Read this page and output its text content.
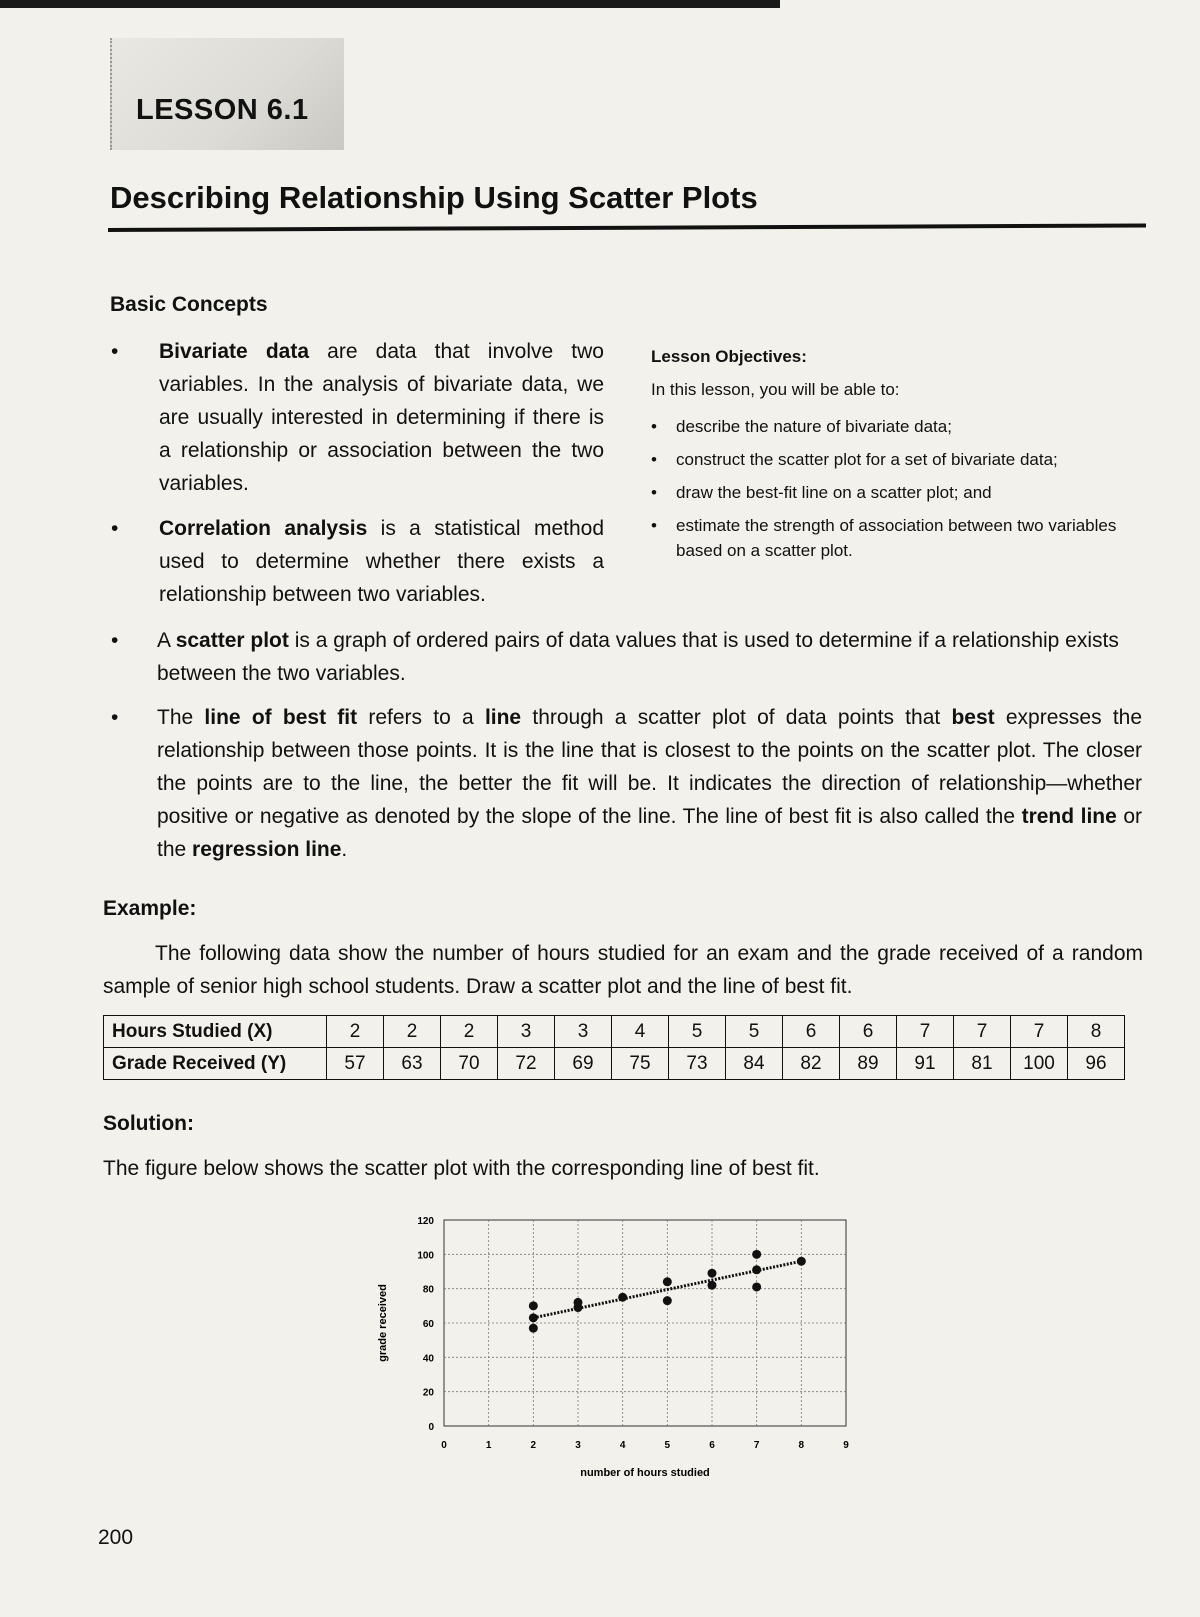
LESSON 6.1
Describing Relationship Using Scatter Plots
Basic Concepts
• Bivariate data are data that involve two variables. In the analysis of bivariate data, we are usually interested in determining if there is a relationship or association between the two variables.
• Correlation analysis is a statistical method used to determine whether there exists a relationship between two variables.
Lesson Objectives:

In this lesson, you will be able to:

• describe the nature of bivariate data;
• construct the scatter plot for a set of bivariate data;
• draw the best-fit line on a scatter plot; and
• estimate the strength of association between two variables based on a scatter plot.
• A scatter plot is a graph of ordered pairs of data values that is used to determine if a relationship exists between the two variables.
• The line of best fit refers to a line through a scatter plot of data points that best expresses the relationship between those points. It is the line that is closest to the points on the scatter plot. The closer the points are to the line, the better the fit will be. It indicates the direction of relationship—whether positive or negative as denoted by the slope of the line. The line of best fit is also called the trend line or the regression line.
Example:
The following data show the number of hours studied for an exam and the grade received of a random sample of senior high school students. Draw a scatter plot and the line of best fit.
Hours Studied (X)	2	2	2	3	3	4	5	5	6	6	7	7	7	8
Grade Received (Y)	57	63	70	72	69	75	73	84	82	89	91	81	100	96
Solution:
The figure below shows the scatter plot with the corresponding line of best fit.
0	1	2	3	4	5	6	7	8	9
0
20
40
60
80
100
120
number of hours studied
grade received
200
